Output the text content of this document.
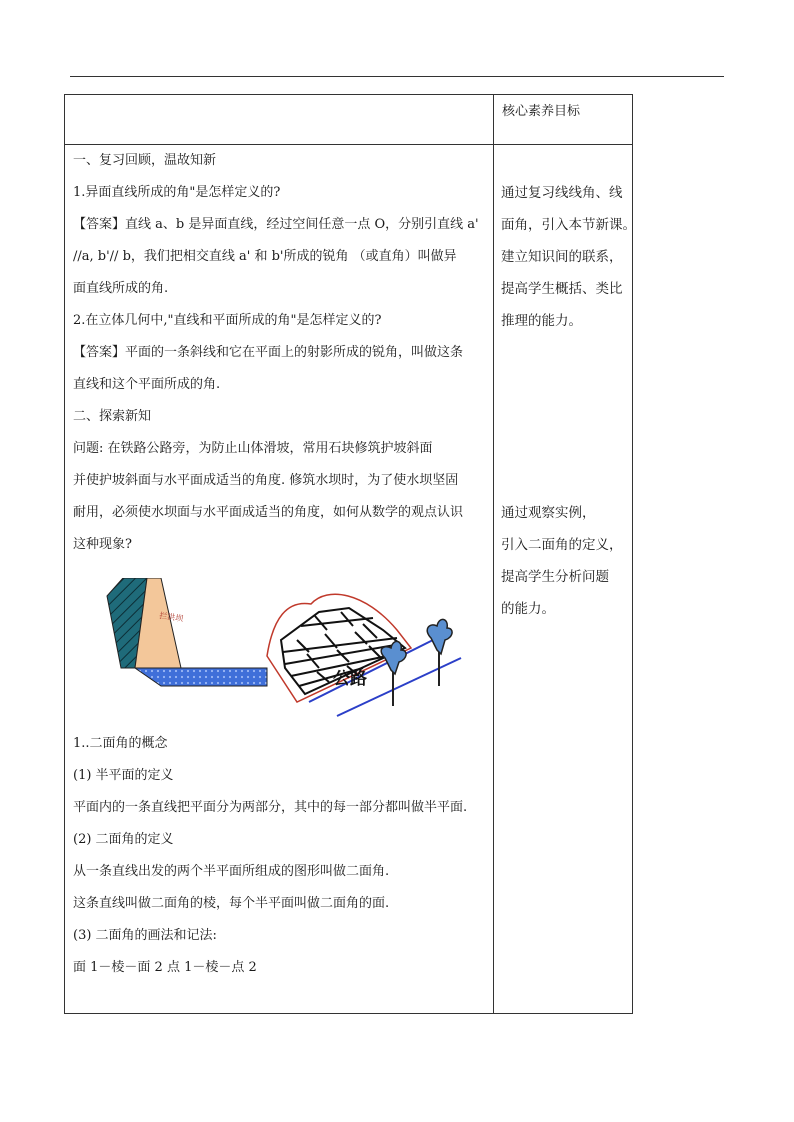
核心素养目标
一、复习回顾，温故知新
1.异面直线所成的角"是怎样定义的?
【答案】直线 a、b 是异面直线，经过空间任意一点 O，分别引直线 a'
//a, b'// b，我们把相交直线 a' 和 b'所成的锐角 （或直角）叫做异
面直线所成的角.
2.在立体几何中,"直线和平面所成的角"是怎样定义的?
【答案】平面的一条斜线和它在平面上的射影所成的锐角，叫做这条
直线和这个平面所成的角.
二、探索新知
问题: 在铁路公路旁，为防止山体滑坡，常用石块修筑护坡斜面
并使护坡斜面与水平面成适当的角度. 修筑水坝时，为了使水坝坚固
耐用，必须使水坝面与水平面成适当的角度，如何从数学的观点认识
这种现象?
拦洪坝
公路
1..二面角的概念
(1) 半平面的定义
平面内的一条直线把平面分为两部分，其中的每一部分都叫做半平面.
(2) 二面角的定义
从一条直线出发的两个半平面所组成的图形叫做二面角.
这条直线叫做二面角的棱，每个半平面叫做二面角的面.
(3) 二面角的画法和记法:
面 1－棱－面 2 点 1－棱－点 2
通过复习线线角、线
面角，引入本节新课。
建立知识间的联系，
提高学生概括、类比
推理的能力。
通过观察实例，
引入二面角的定义，
提高学生分析问题
的能力。
